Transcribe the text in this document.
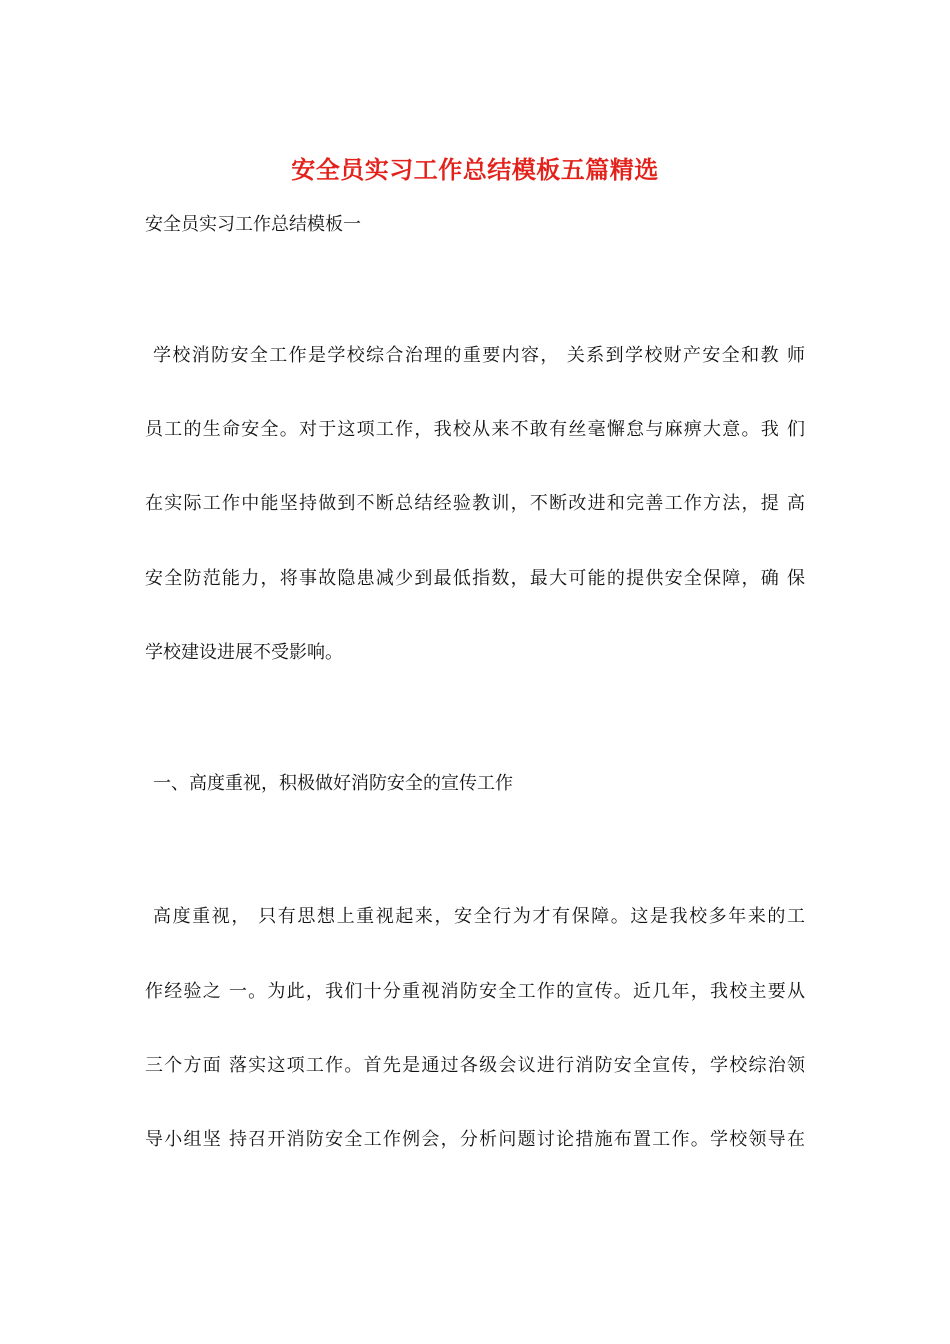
安全员实习工作总结模板五篇精选
安全员实习工作总结模板一
学校消防安全工作是学校综合治理的重要内容， 关系到学校财产安全和教 师
员工的生命安全。对于这项工作，我校从来不敢有丝毫懈怠与麻痹大意。我 们
在实际工作中能坚持做到不断总结经验教训，不断改进和完善工作方法，提 高
安全防范能力，将事故隐患减少到最低指数，最大可能的提供安全保障，确 保
学校建设进展不受影响。
一、高度重视，积极做好消防安全的宣传工作
高度重视， 只有思想上重视起来，安全行为才有保障。这是我校多年来的工
作经验之 一。为此，我们十分重视消防安全工作的宣传。近几年，我校主要从
三个方面 落实这项工作。首先是通过各级会议进行消防安全宣传，学校综治领
导小组坚 持召开消防安全工作例会，分析问题讨论措施布置工作。学校领导在
